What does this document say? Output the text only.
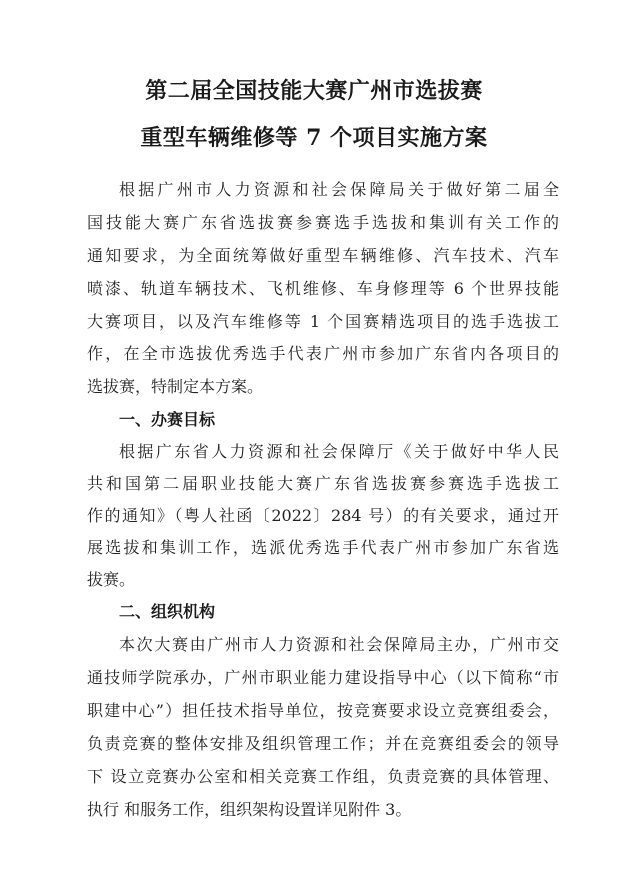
第二届全国技能大赛广州市选拔赛
重型车辆维修等 7 个项目实施方案
根据广州市人力资源和社会保障局关于做好第二届全
国技能大赛广东省选拔赛参赛选手选拔和集训有关工作的
通知要求，为全面统筹做好重型车辆维修、汽车技术、汽车
喷漆、轨道车辆技术、飞机维修、车身修理等 6 个世界技能
大赛项目，以及汽车维修等 1 个国赛精选项目的选手选拔工
作，在全市选拔优秀选手代表广州市参加广东省内各项目的
选拔赛，特制定本方案。
一、办赛目标
根据广东省人力资源和社会保障厅《关于做好中华人民
共和国第二届职业技能大赛广东省选拔赛参赛选手选拔工
作的通知》（粤人社函〔2022〕284 号）的有关要求，通过开
展选拔和集训工作，选派优秀选手代表广州市参加广东省选
拔赛。
二、组织机构
本次大赛由广州市人力资源和社会保障局主办，广州市交
通技师学院承办，广州市职业能力建设指导中心（以下简称“市
职建中心”）担任技术指导单位，按竞赛要求设立竞赛组委会，
负责竞赛的整体安排及组织管理工作；并在竞赛组委会的领导
下 设立竞赛办公室和相关竞赛工作组，负责竞赛的具体管理、
执行 和服务工作，组织架构设置详见附件 3。
